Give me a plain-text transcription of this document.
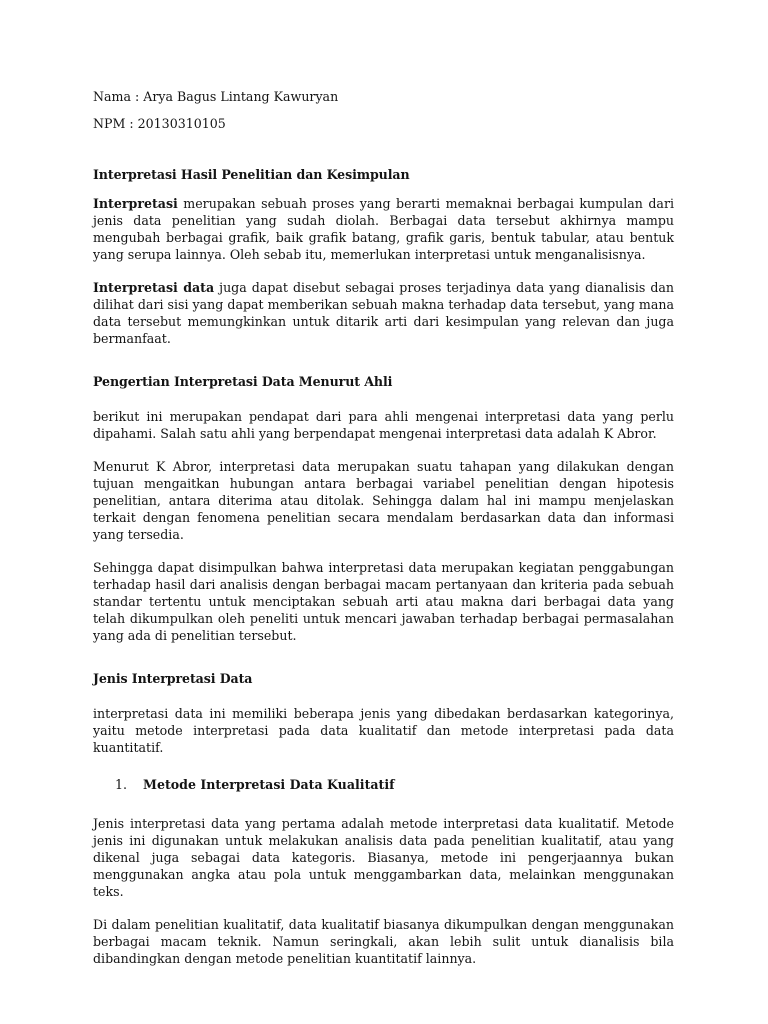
Nama : Arya Bagus Lintang Kawuryan

NPM : 20130310105

Interpretasi Hasil Penelitian dan Kesimpulan

Interpretasi merupakan sebuah proses yang berarti memaknai berbagai kumpulan dari jenis data penelitian yang sudah diolah. Berbagai data tersebut akhirnya mampu mengubah berbagai grafik, baik grafik batang, grafik garis, bentuk tabular, atau bentuk yang serupa lainnya. Oleh sebab itu, memerlukan interpretasi untuk menganalisisnya.

Interpretasi data juga dapat disebut sebagai proses terjadinya data yang dianalisis dan dilihat dari sisi yang dapat memberikan sebuah makna terhadap data tersebut, yang mana data tersebut memungkinkan untuk ditarik arti dari kesimpulan yang relevan dan juga bermanfaat.

Pengertian Interpretasi Data Menurut Ahli

berikut ini merupakan pendapat dari para ahli mengenai interpretasi data yang perlu dipahami. Salah satu ahli yang berpendapat mengenai interpretasi data adalah K Abror.

Menurut K Abror, interpretasi data merupakan suatu tahapan yang dilakukan dengan tujuan mengaitkan hubungan antara berbagai variabel penelitian dengan hipotesis penelitian, antara diterima atau ditolak. Sehingga dalam hal ini mampu menjelaskan terkait dengan fenomena penelitian secara mendalam berdasarkan data dan informasi yang tersedia.

Sehingga dapat disimpulkan bahwa interpretasi data merupakan kegiatan penggabungan terhadap hasil dari analisis dengan berbagai macam pertanyaan dan kriteria pada sebuah standar tertentu untuk menciptakan sebuah arti atau makna dari berbagai data yang telah dikumpulkan oleh peneliti untuk mencari jawaban terhadap berbagai permasalahan yang ada di penelitian tersebut.

Jenis Interpretasi Data

interpretasi data ini memiliki beberapa jenis yang dibedakan berdasarkan kategorinya, yaitu metode interpretasi pada data kualitatif dan metode interpretasi pada data kuantitatif.

1. Metode Interpretasi Data Kualitatif

Jenis interpretasi data yang pertama adalah metode interpretasi data kualitatif. Metode jenis ini digunakan untuk melakukan analisis data pada penelitian kualitatif, atau yang dikenal juga sebagai data kategoris. Biasanya, metode ini pengerjaannya bukan menggunakan angka atau pola untuk menggambarkan data, melainkan menggunakan teks.

Di dalam penelitian kualitatif, data kualitatif biasanya dikumpulkan dengan menggunakan berbagai macam teknik. Namun seringkali, akan lebih sulit untuk dianalisis bila dibandingkan dengan metode penelitian kuantitatif lainnya.
